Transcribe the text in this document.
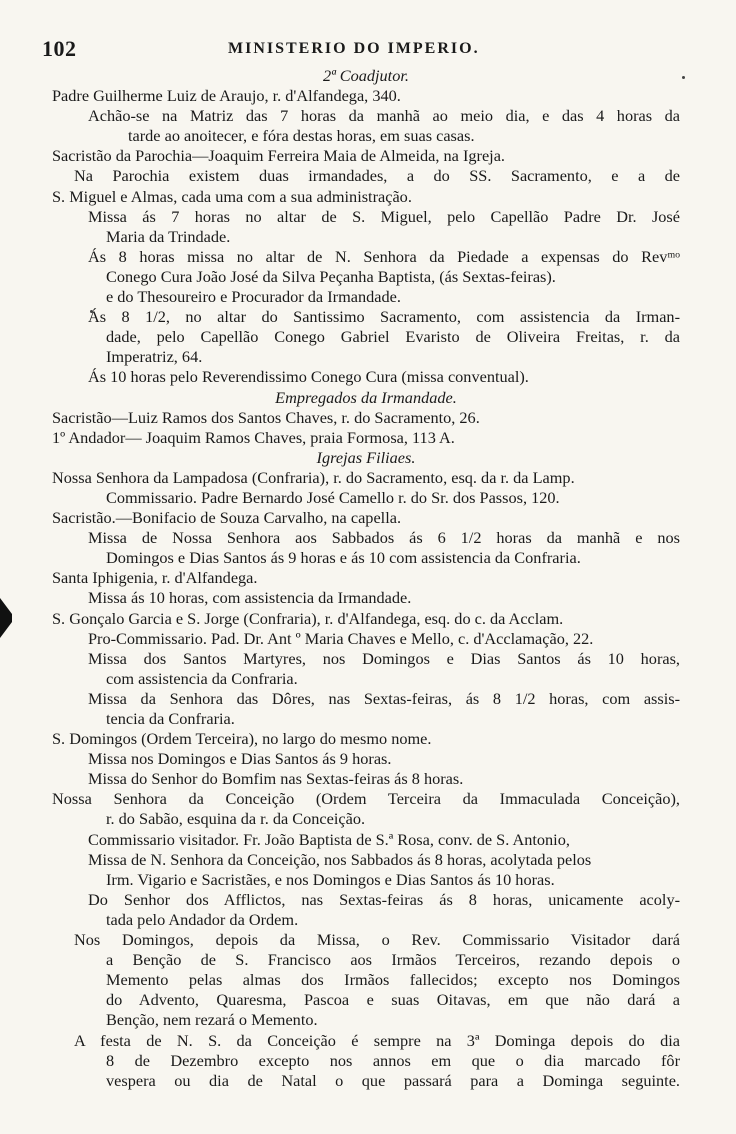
102	MINISTERIO DO IMPERIO.
2ª Coadjutor.
Padre Guilherme Luiz de Araujo, r. d'Alfandega, 340.
Achão-se na Matriz das 7 horas da manhã ao meio dia, e das 4 horas da
tarde ao anoitecer, e fóra destas horas, em suas casas.
Sacristão da Parochia—Joaquim Ferreira Maia de Almeida, na Igreja.
Na Parochia existem duas irmandades, a do SS. Sacramento, e a de
S. Miguel e Almas, cada uma com a sua administração.
Missa ás 7 horas no altar de S. Miguel, pelo Capellão Padre Dr. José
Maria da Trindade.
Ás 8 horas missa no altar de N. Senhora da Piedade a expensas do Revᵐᵒ
Conego Cura João José da Silva Peçanha Baptista, (ás Sextas-feiras).
e do Thesoureiro e Procurador da Irmandade.
Ás 8 1/2, no altar do Santissimo Sacramento, com assistencia da Irman-
dade, pelo Capellão Conego Gabriel Evaristo de Oliveira Freitas, r. da
Imperatriz, 64.
Ás 10 horas pelo Reverendissimo Conego Cura (missa conventual).
Empregados da Irmandade.
Sacristão—Luiz Ramos dos Santos Chaves, r. do Sacramento, 26.
1º Andador— Joaquim Ramos Chaves, praia Formosa, 113 A.
Igrejas Filiaes.
Nossa Senhora da Lampadosa (Confraria), r. do Sacramento, esq. da r. da Lamp.
Commissario. Padre Bernardo José Camello r. do Sr. dos Passos, 120.
Sacristão.—Bonifacio de Souza Carvalho, na capella.
Missa de Nossa Senhora aos Sabbados ás 6 1/2 horas da manhã e nos
Domingos e Dias Santos ás 9 horas e ás 10 com assistencia da Confraria.
Santa Iphigenia, r. d'Alfandega.
Missa ás 10 horas, com assistencia da Irmandade.
S. Gonçalo Garcia e S. Jorge (Confraria), r. d'Alfandega, esq. do c. da Acclam.
Pro-Commissario. Pad. Dr. Ant º Maria Chaves e Mello, c. d'Acclamação, 22.
Missa dos Santos Martyres, nos Domingos e Dias Santos ás 10 horas,
com assistencia da Confraria.
Missa da Senhora das Dôres, nas Sextas-feiras, ás 8 1/2 horas, com assis-
tencia da Confraria.
S. Domingos (Ordem Terceira), no largo do mesmo nome.
Missa nos Domingos e Dias Santos ás 9 horas.
Missa do Senhor do Bomfim nas Sextas-feiras ás 8 horas.
Nossa Senhora da Conceição (Ordem Terceira da Immaculada Conceição),
r. do Sabão, esquina da r. da Conceição.
Commissario visitador. Fr. João Baptista de S.ª Rosa, conv. de S. Antonio,
Missa de N. Senhora da Conceição, nos Sabbados ás 8 horas, acolytada pelos
Irm. Vigario e Sacristães, e nos Domingos e Dias Santos ás 10 horas.
Do Senhor dos Afflictos, nas Sextas-feiras ás 8 horas, unicamente acoly-
tada pelo Andador da Ordem.
Nos Domingos, depois da Missa, o Rev. Commissario Visitador dará
a Benção de S. Francisco aos Irmãos Terceiros, rezando depois o
Memento pelas almas dos Irmãos fallecidos; excepto nos Domingos
do Advento, Quaresma, Pascoa e suas Oitavas, em que não dará a
Benção, nem rezará o Memento.
A festa de N. S. da Conceição é sempre na 3ª Dominga depois do dia
8 de Dezembro excepto nos annos em que o dia marcado fôr
vespera ou dia de Natal o que passará para a Dominga seguinte.
